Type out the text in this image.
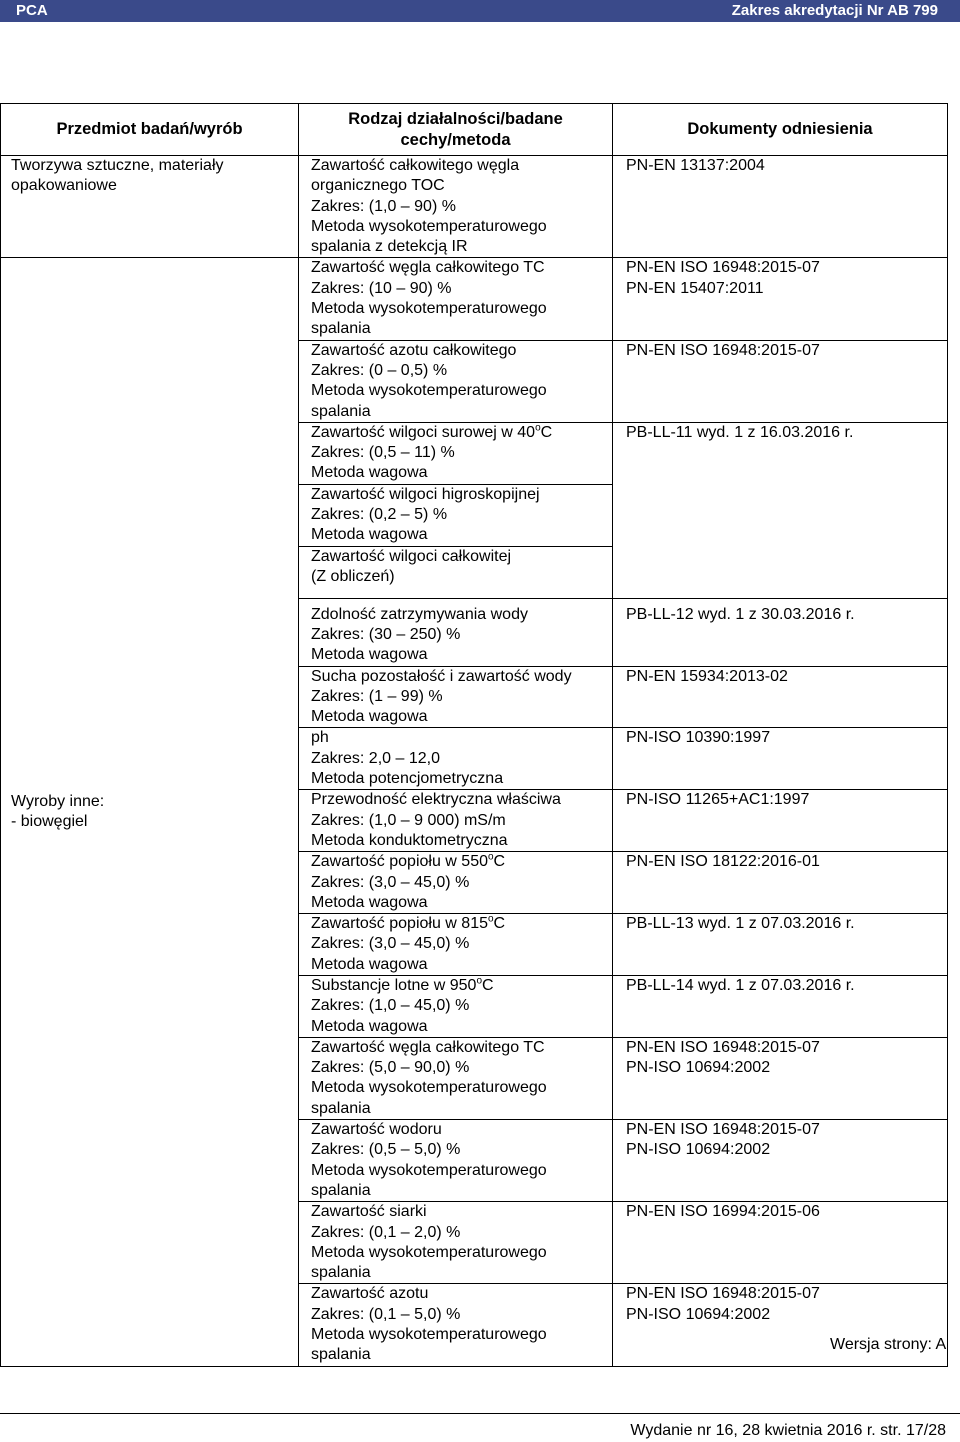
PCA	Zakres akredytacji Nr AB 799
Przedmiot badań/wyrób	Rodzaj działalności/badane
cechy/metoda	Dokumenty odniesienia
Tworzywa sztuczne, materiały
opakowaniowe	Zawartość całkowitego węgla
organicznego TOC
Zakres: (1,0 – 90) %
Metoda wysokotemperaturowego
spalania z detekcją IR	PN-EN 13137:2004
Wyroby inne:
- biowęgiel	Zawartość węgla całkowitego TC
Zakres: (10 – 90) %
Metoda wysokotemperaturowego
spalania	PN-EN ISO 16948:2015-07
PN-EN 15407:2011
	Zawartość azotu całkowitego
Zakres: (0 – 0,5) %
Metoda wysokotemperaturowego
spalania	PN-EN ISO 16948:2015-07
	Zawartość wilgoci surowej w 40$^o$C
Zakres: (0,5 – 11) %
Metoda wagowa	PB-LL-11 wyd. 1 z 16.03.2016 r.
	Zawartość wilgoci higroskopijnej
Zakres: (0,2 – 5) %
Metoda wagowa	
	Zawartość wilgoci całkowitej
(Z obliczeń)	
	Zdolność zatrzymywania wody
Zakres: (30 – 250) %
Metoda wagowa	PB-LL-12 wyd. 1 z 30.03.2016 r.
	Sucha pozostałość i zawartość wody
Zakres: (1 – 99) %
Metoda wagowa	PN-EN 15934:2013-02
	ph
Zakres: 2,0 – 12,0
Metoda potencjometryczna	PN-ISO 10390:1997
	Przewodność elektryczna właściwa
Zakres: (1,0 – 9 000) mS/m
Metoda konduktometryczna	PN-ISO 11265+AC1:1997
	Zawartość popiołu w 550$^o$C
Zakres: (3,0 – 45,0) %
Metoda wagowa	PN-EN ISO 18122:2016-01
	Zawartość popiołu w 815$^o$C
Zakres: (3,0 – 45,0) %
Metoda wagowa	PB-LL-13 wyd. 1 z 07.03.2016 r.
	Substancje lotne w 950$^o$C
Zakres: (1,0 – 45,0) %
Metoda wagowa	PB-LL-14 wyd. 1 z 07.03.2016 r.
	Zawartość węgla całkowitego TC
Zakres: (5,0 – 90,0) %
Metoda wysokotemperaturowego
spalania	PN-EN ISO 16948:2015-07
PN-ISO 10694:2002
	Zawartość wodoru
Zakres: (0,5 – 5,0) %
Metoda wysokotemperaturowego
spalania	PN-EN ISO 16948:2015-07
PN-ISO 10694:2002
	Zawartość siarki
Zakres: (0,1 – 2,0) %
Metoda wysokotemperaturowego
spalania	PN-EN ISO 16994:2015-06
	Zawartość azotu
Zakres: (0,1 – 5,0) %
Metoda wysokotemperaturowego
spalania	PN-EN ISO 16948:2015-07
PN-ISO 10694:2002
Wersja strony: A
Wydanie nr 16, 28 kwietnia 2016 r. str. 17/28
